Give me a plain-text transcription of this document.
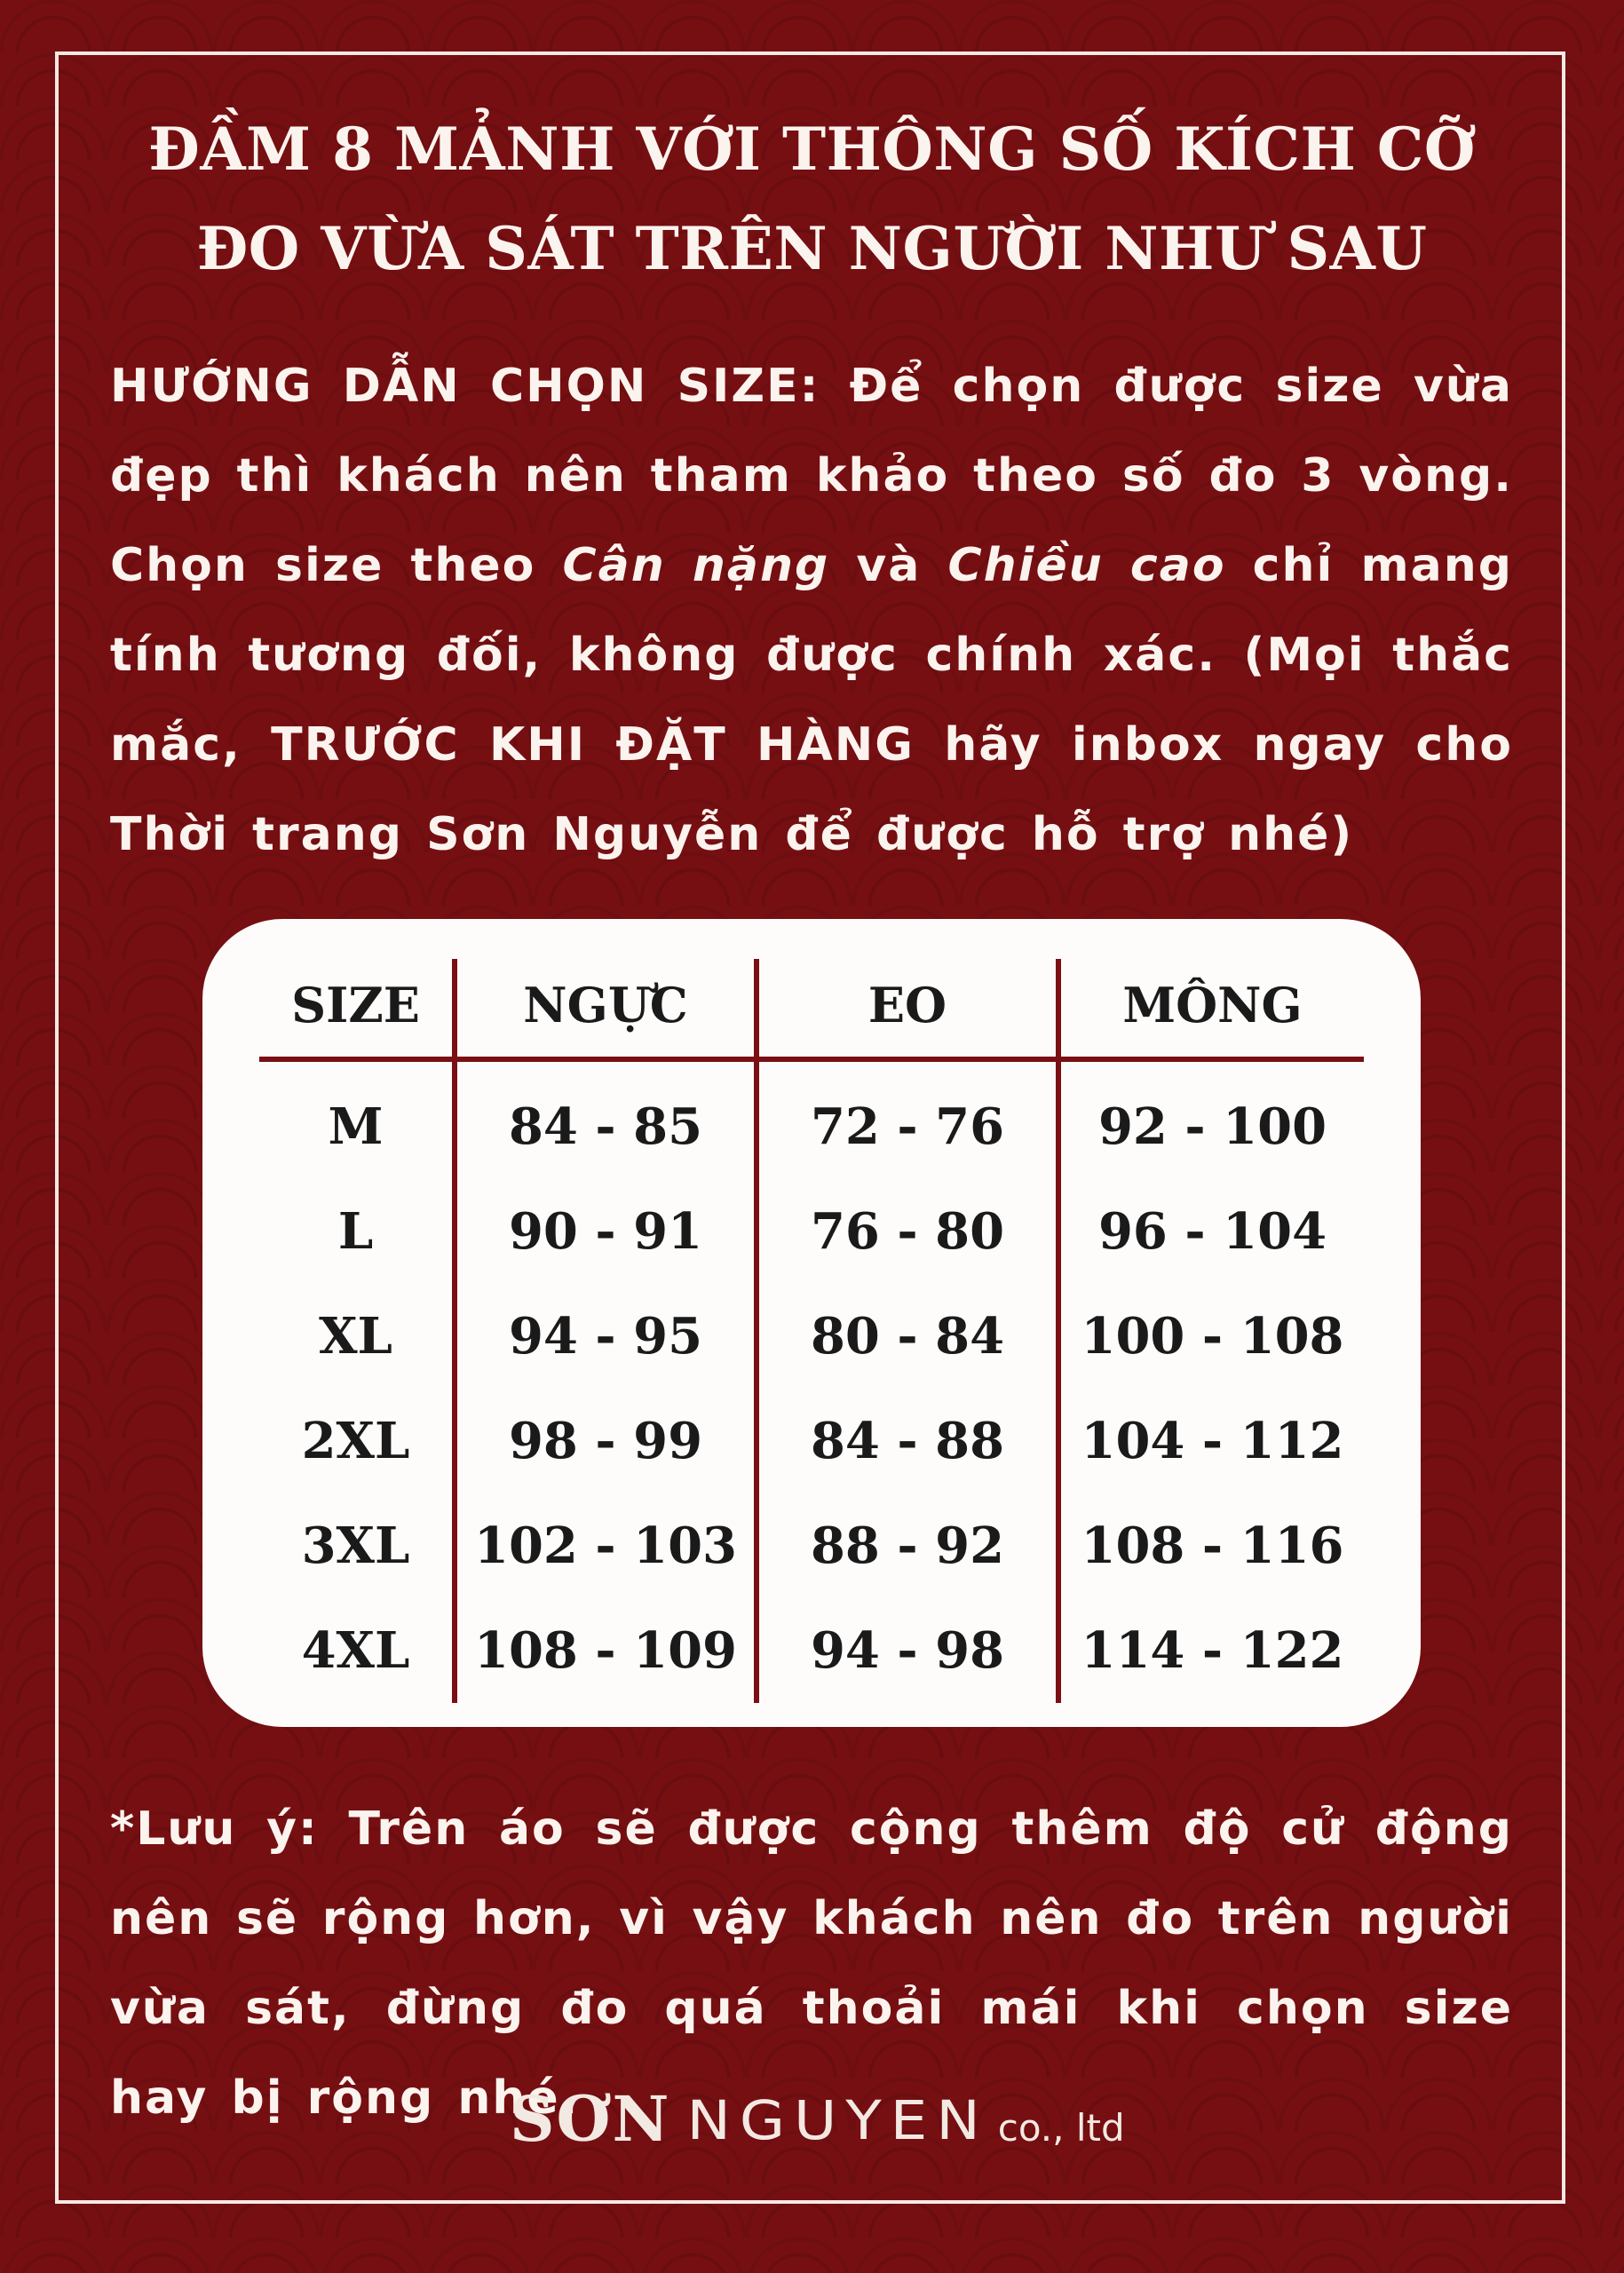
ĐẦM 8 MẢNH VỚI THÔNG SỐ KÍCH CỠ
ĐO VỪA SÁT TRÊN NGƯỜI NHƯ SAU
HƯỚNG DẪN CHỌN SIZE: Để chọn được size vừa đẹp thì khách nên tham khảo theo số đo 3 vòng. Chọn size theo Cân nặng và Chiều cao chỉ mang tính tương đối, không được chính xác. (Mọi thắc mắc, TRƯỚC KHI ĐẶT HÀNG hãy inbox ngay cho Thời trang Sơn Nguyễn để được hỗ trợ nhé)
SIZE	NGỰC	EO	MÔNG
M	84 - 85	72 - 76	92 - 100
L	90 - 91	76 - 80	96 - 104
XL	94 - 95	80 - 84	100 - 108
2XL	98 - 99	84 - 88	104 - 112
3XL	102 - 103	88 - 92	108 - 116
4XL	108 - 109	94 - 98	114 - 122
*Lưu ý: Trên áo sẽ được cộng thêm độ cử động nên sẽ rộng hơn, vì vậy khách nên đo trên người vừa sát, đừng đo quá thoải mái khi chọn size hay bị rộng nhé.
SƠN NGUYEN co., ltd
